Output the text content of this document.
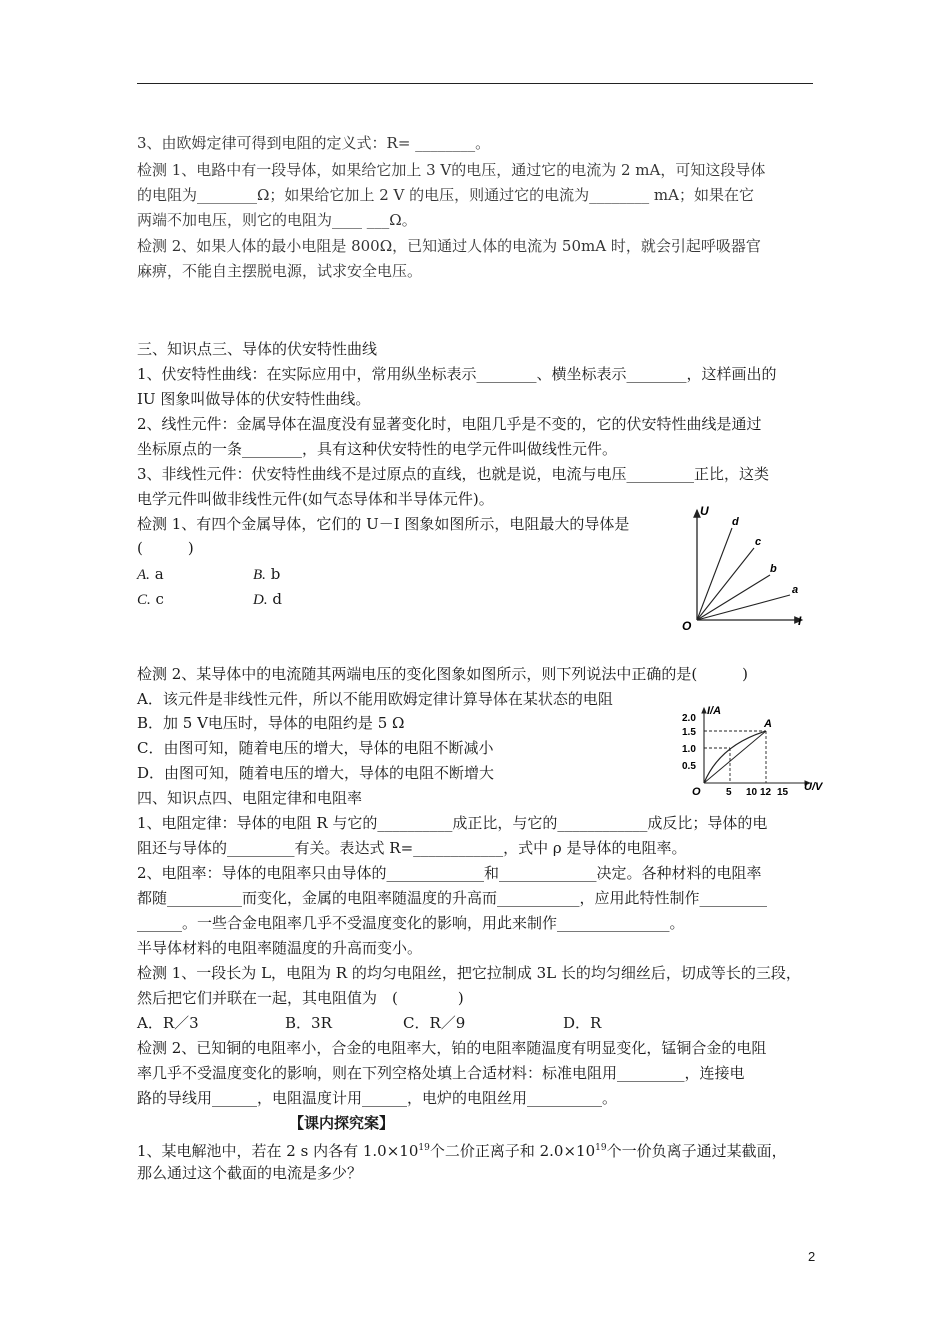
3、由欧姆定律可得到电阻的定义式：R= ________。
检测 1、电路中有一段导体，如果给它加上 3 V的电压，通过它的电流为 2 mA，可知这段导体
的电阻为________Ω；如果给它加上 2 V 的电压，则通过它的电流为________ mA；如果在它
两端不加电压，则它的电阻为____ ___Ω。
检测 2、如果人体的最小电阻是 800Ω，已知通过人体的电流为 50mA 时，就会引起呼吸器官
麻痹，不能自主摆脱电源，试求安全电压。
三、知识点三、导体的伏安特性曲线
1、伏安特性曲线：在实际应用中，常用纵坐标表示________、横坐标表示________，这样画出的
IU 图象叫做导体的伏安特性曲线。
2、线性元件：金属导体在温度没有显著变化时，电阻几乎是不变的，它的伏安特性曲线是通过
坐标原点的一条________，具有这种伏安特性的电学元件叫做线性元件。
3、非线性元件：伏安特性曲线不是过原点的直线，也就是说，电流与电压_________正比，这类
电学元件叫做非线性元件(如气态导体和半导体元件)。
检测 1、有四个金属导体，它们的 U－I 图象如图所示，电阻最大的导体是
(　　　)
A. a	B. b
C. c	D. d
U
I
O
d
c
b
a
检测 2、某导体中的电流随其两端电压的变化图象如图所示，则下列说法中正确的是(　　　)
A．该元件是非线性元件，所以不能用欧姆定律计算导体在某状态的电阻
B．加 5 V电压时，导体的电阻约是 5 Ω
C．由图可知，随着电压的增大，导体的电阻不断减小
D．由图可知，随着电压的增大，导体的电阻不断增大
I/A
U/V
A
O
2.0
1.5
1.0
0.5
5 10 12 15
四、知识点四、电阻定律和电阻率
1、电阻定律：导体的电阻 R 与它的__________成正比，与它的____________成反比；导体的电
阻还与导体的_________有关。表达式 R=____________，式中 ρ 是导体的电阻率。
2、电阻率：导体的电阻率只由导体的_____________和_____________决定。各种材料的电阻率
都随__________而变化，金属的电阻率随温度的升高而___________，应用此特性制作_________
______。一些合金电阻率几乎不受温度变化的影响，用此来制作_______________。
半导体材料的电阻率随温度的升高而变小。
检测 1、一段长为 L，电阻为 R 的均匀电阻丝，把它拉制成 3L 长的均匀细丝后，切成等长的三段，
然后把它们并联在一起，其电阻值为　(　　　　)
A．R／3	B．3R	C．R／9	D．R
检测 2、已知铜的电阻率小，合金的电阻率大，铂的电阻率随温度有明显变化，锰铜合金的电阻
率几乎不受温度变化的影响，则在下列空格处填上合适材料：标准电阻用_________，连接电
路的导线用______，电阻温度计用______，电炉的电阻丝用__________。
【课内探究案】
1、某电解池中，若在 2 s 内各有 $1.0\times 10^{19}$个二价正离子和 $2.0\times 10^{19}$个一价负离子通过某截面，
那么通过这个截面的电流是多少？
2
